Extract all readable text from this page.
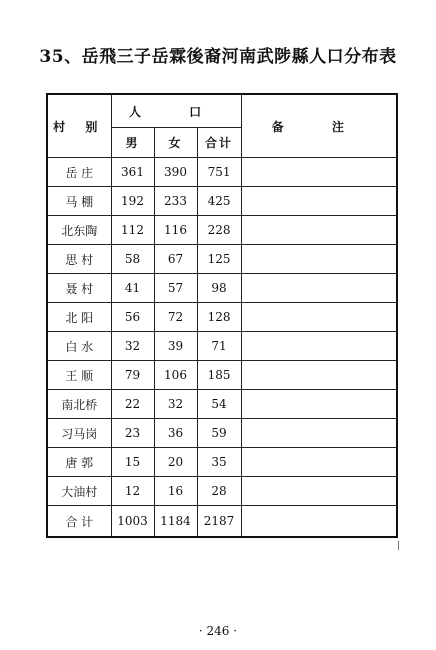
35、岳飛三子岳霖後裔河南武陟縣人口分布表
村 别	人 口			备 注
	男	女	合计	
岳 庄	361	390	751	
马 棚	192	233	425	
北东陶	112	116	228	
思 村	58	67	125	
聂 村	41	57	98	
北 阳	56	72	128	
白 水	32	39	71	
王 顺	79	106	185	
南北桥	22	32	54	
习马岗	23	36	59	
唐 郭	15	20	35	
大油村	12	16	28	
合 计	1003	1184	2187	
· 246 ·
